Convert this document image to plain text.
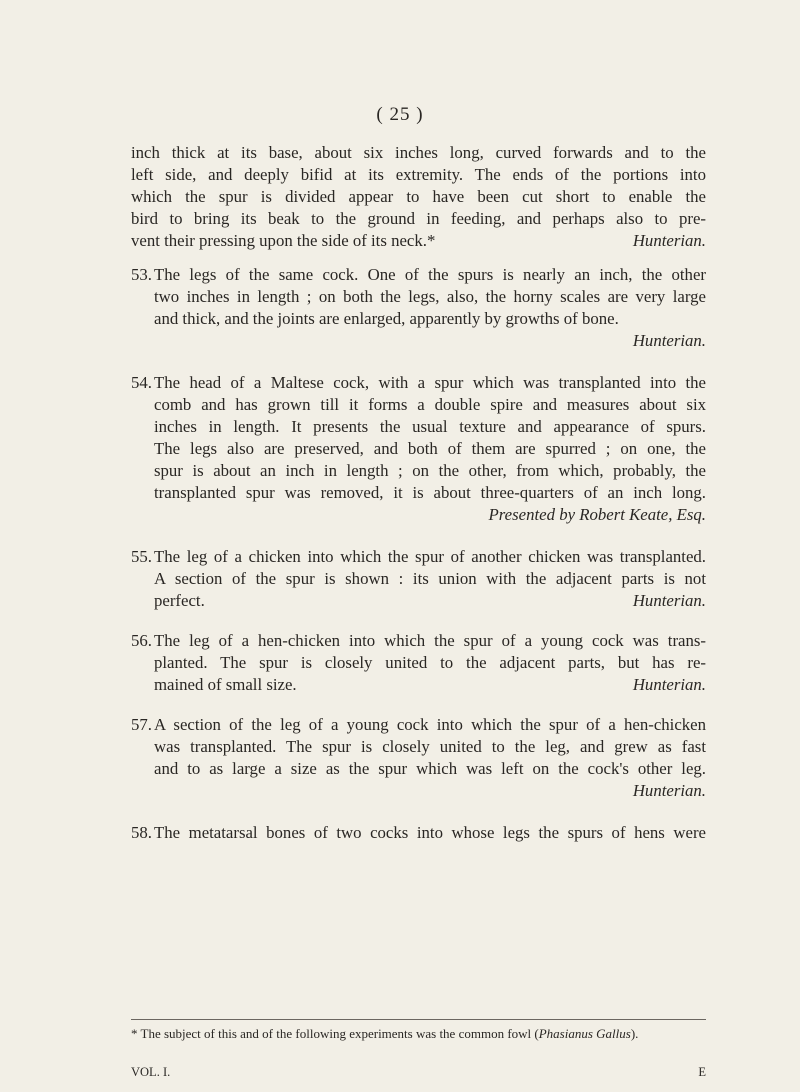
( 25 )
inch thick at its base, about six inches long, curved forwards and to the
left side, and deeply bifid at its extremity. The ends of the portions into
which the spur is divided appear to have been cut short to enable the
bird to bring its beak to the ground in feeding, and perhaps also to pre-
vent their pressing upon the side of its neck.*	Hunterian.
53. The legs of the same cock. One of the spurs is nearly an inch, the other
two inches in length ; on both the legs, also, the horny scales are very large
and thick, and the joints are enlarged, apparently by growths of bone.
Hunterian.
54. The head of a Maltese cock, with a spur which was transplanted into the
comb and has grown till it forms a double spire and measures about six
inches in length. It presents the usual texture and appearance of spurs.
The legs also are preserved, and both of them are spurred ; on one, the
spur is about an inch in length ; on the other, from which, probably, the
transplanted spur was removed, it is about three-quarters of an inch long.
Presented by Robert Keate, Esq.
55. The leg of a chicken into which the spur of another chicken was transplanted.
A section of the spur is shown : its union with the adjacent parts is not
perfect.	Hunterian.
56. The leg of a hen-chicken into which the spur of a young cock was trans-
planted. The spur is closely united to the adjacent parts, but has re-
mained of small size.	Hunterian.
57. A section of the leg of a young cock into which the spur of a hen-chicken
was transplanted. The spur is closely united to the leg, and grew as fast
and to as large a size as the spur which was left on the cock's other leg.
Hunterian.
58. The metatarsal bones of two cocks into whose legs the spurs of hens were
* The subject of this and of the following experiments was the common fowl (Phasianus Gallus).
VOL. I.	E
